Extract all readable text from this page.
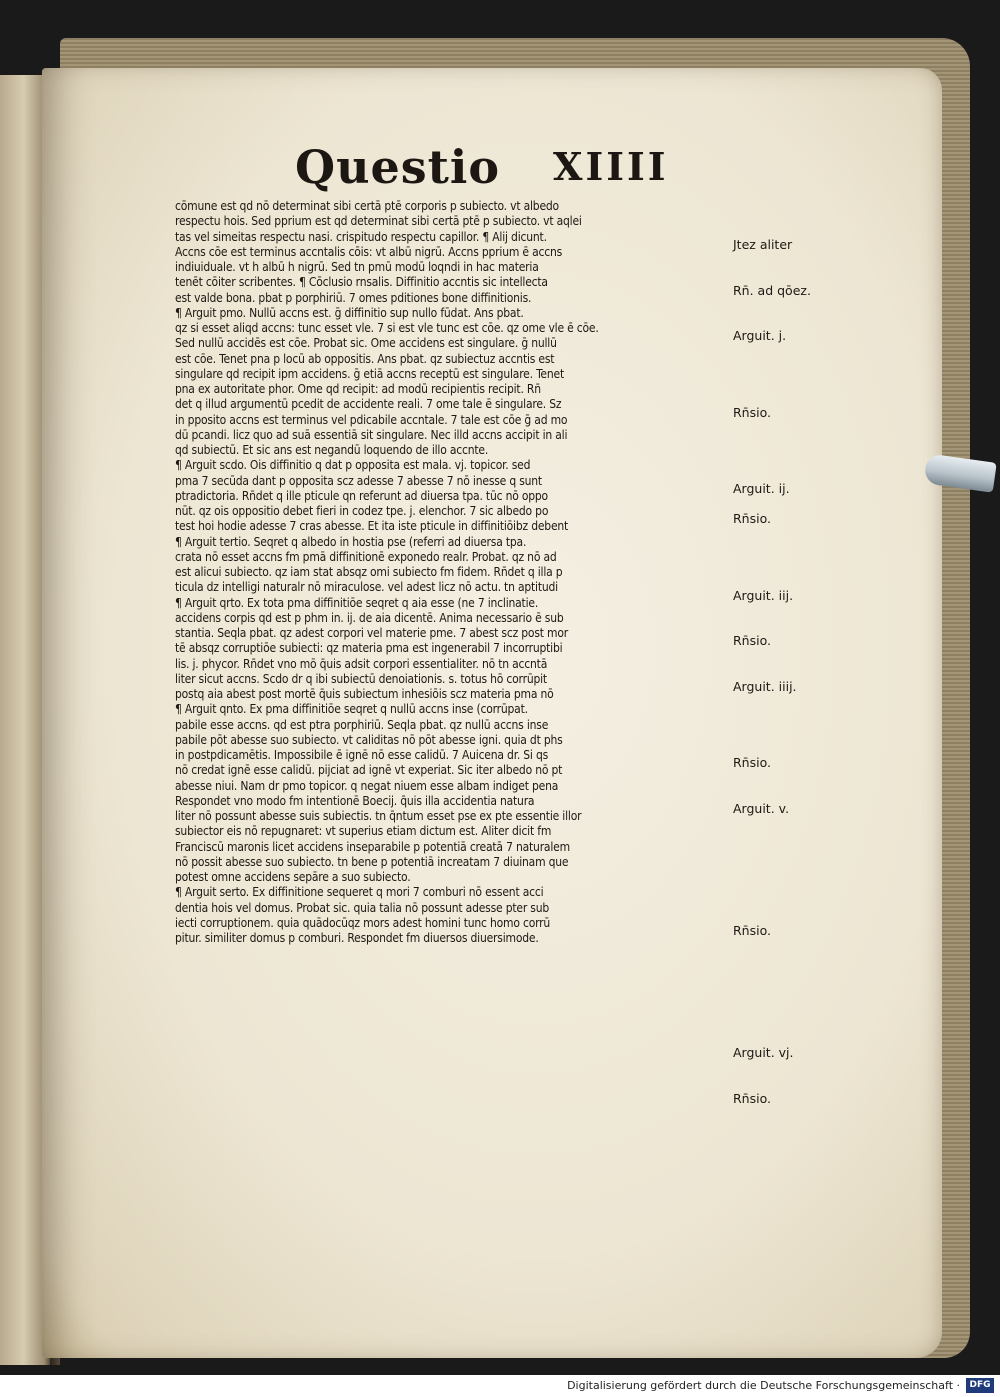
Questio XIIII
cōmune est qd nō determinat sibi certā ptē corporis p subiecto. vt albedo
respectu hois. Sed pprium est qd determinat sibi certā ptē p subiecto. vt aqlei
tas vel simeitas respectu nasi. crispitudo respectu capillor. ¶ Alij dicunt.
Accns cōe est terminus accntalis cōis: vt albū nigrū. Accns pprium ē accns
indiuiduale. vt h albū h nigrū. Sed tn pmū modū loqndi in hac materia
tenēt cōiter scribentes. ¶ Cōclusio rnsalis. Diffinitio accntis sic intellecta
est valde bona. pbat p porphiriū. 7 omes pditiones bone diffinitionis.
¶ Arguit pmo. Nullū accns est. ḡ diffinitio sup nullo fūdat. Ans pbat.
qz si esset aliqd accns: tunc esset vle. 7 si est vle tunc est cōe. qz ome vle ē cōe.
Sed nullū accidēs est cōe. Probat sic. Ome accidens est singulare. ḡ nullū
est cōe. Tenet pna p locū ab oppositis. Ans pbat. qz subiectuz accntis est
singulare qd recipit ipm accidens. ḡ etiā accns receptū est singulare. Tenet
pna ex autoritate phor. Ome qd recipit: ad modū recipientis recipit. Rn̄
det q illud argumentū pcedit de accidente reali. 7 ome tale ē singulare. Sz
in pposito accns est terminus vel pdicabile accntale. 7 tale est cōe ḡ ad mo
dū pcandi. licz quo ad suā essentiā sit singulare. Nec illd accns accipit in ali
qd subiectū. Et sic ans est negandū loquendo de illo accnte.
¶ Arguit scdo. Ois diffinitio q dat p opposita est mala. vj. topicor. sed
pma 7 secūda dant p opposita scz adesse 7 abesse 7 nō inesse q sunt
ptradictoria. Rn̄det q ille pticule qn referunt ad diuersa tpa. tūc nō oppo
nūt. qz ois oppositio debet fieri in codez tpe. j. elenchor. 7 sic albedo po
test hoi hodie adesse 7 cras abesse. Et ita iste pticule in diffinitiōibz debent
¶ Arguit tertio. Seqret q albedo in hostia pse (referri ad diuersa tpa.
crata nō esset accns fm pmā diffinitionē exponedo realr. Probat. qz nō ad
est alicui subiecto. qz iam stat absqz omi subiecto fm fidem. Rn̄det q illa p
ticula dz intelligi naturalr nō miraculose. vel adest licz nō actu. tn aptitudi
¶ Arguit qrto. Ex tota pma diffinitiōe seqret q aia esse (ne 7 inclinatie.
accidens corpis qd est p phm in. ij. de aia dicentē. Anima necessario ē sub
stantia. Seqla pbat. qz adest corpori vel materie pme. 7 abest scz post mor
tē absqz corruptiōe subiecti: qz materia pma est ingenerabil 7 incorruptibi
lis. j. phycor. Rn̄det vno mō q̄uis adsit corpori essentialiter. nō tn accntā
liter sicut accns. Scdo dr q ibi subiectū denoiationis. s. totus hō corrūpit
postq aia abest post mortē q̄uis subiectum inhesiōis scz materia pma nō
¶ Arguit qnto. Ex pma diffinitiōe seqret q nullū accns inse (corrūpat.
pabile esse accns. qd est ptra porphiriū. Seqla pbat. qz nullū accns inse
pabile pōt abesse suo subiecto. vt caliditas nō pōt abesse igni. quia dt phs
in postpdicamētis. Impossibile ē ignē nō esse calidū. 7 Auicena dr. Si qs
nō credat ignē esse calidū. pijciat ad ignē vt experiat. Sic iter albedo nō pt
abesse niui. Nam dr pmo topicor. q negat niuem esse albam indiget pena
Respondet vno modo fm intentionē Boecij. q̄uis illa accidentia natura
liter nō possunt abesse suis subiectis. tn q̄ntum esset pse ex pte essentie illor
subiector eis nō repugnaret: vt superius etiam dictum est. Aliter dicit fm
Franciscū maronis licet accidens inseparabile p potentiā creatā 7 naturalem
nō possit abesse suo subiecto. tn bene p potentiā increatam 7 diuinam que
potest omne accidens sepāre a suo subiecto.
¶ Arguit serto. Ex diffinitione sequeret q mori 7 comburi nō essent acci
dentia hois vel domus. Probat sic. quia talia nō possunt adesse pter sub
iecti corruptionem. quia quādocūqz mors adest homini tunc homo corrū
pitur. similiter domus p comburi. Respondet fm diuersos diuersimode.
Jtez aliter
Rn̄. ad qōez.
Arguit. j.
Rn̄sio.
Arguit. ij.
Rn̄sio.
Arguit. iij.
Rn̄sio.
Arguit. iiij.
Rn̄sio.
Arguit. v.
Rn̄sio.
Arguit. vj.
Rn̄sio.
Digitalisierung gefördert durch die Deutsche Forschungsgemeinschaft ·	DFG
